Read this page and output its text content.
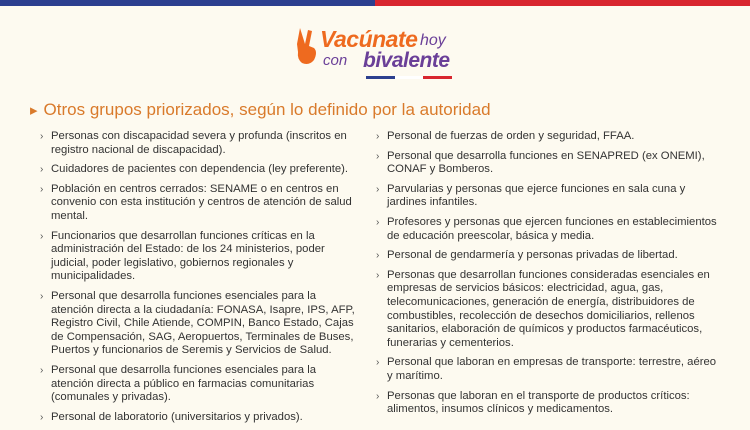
Vacúnate hoy
con bivalente
▸ Otros grupos priorizados, según lo definido por la autoridad
› Personas con discapacidad severa y profunda (inscritos en registro nacional de discapacidad).
› Cuidadores de pacientes con dependencia (ley preferente).
› Población en centros cerrados: SENAME o en centros en convenio con esta institución y centros de atención de salud mental.
› Funcionarios que desarrollan funciones críticas en la administración del Estado: de los 24 ministerios, poder judicial, poder legislativo, gobiernos regionales y municipalidades.
› Personal que desarrolla funciones esenciales para la atención directa a la ciudadanía: FONASA, Isapre, IPS, AFP, Registro Civil, Chile Atiende, COMPIN, Banco Estado, Cajas de Compensación, SAG, Aeropuertos, Terminales de Buses, Puertos y funcionarios de Seremis y Servicios de Salud.
› Personal que desarrolla funciones esenciales para la atención directa a público en farmacias comunitarias (comunales y privadas).
› Personal de laboratorio (universitarios y privados).
› Personal de fuerzas de orden y seguridad, FFAA.
› Personal que desarrolla funciones en SENAPRED (ex ONEMI), CONAF y Bomberos.
› Parvularias y personas que ejerce funciones en sala cuna y jardines infantiles.
› Profesores y personas que ejercen funciones en establecimientos de educación preescolar, básica y media.
› Personal de gendarmería y personas privadas de libertad.
› Personas que desarrollan funciones consideradas esenciales en empresas de servicios básicos: electricidad, agua, gas, telecomunicaciones, generación de energía, distribuidores de combustibles, recolección de desechos domiciliarios, rellenos sanitarios, elaboración de químicos y productos farmacéuticos, funerarias y cementerios.
› Personal que laboran en empresas de transporte: terrestre, aéreo y marítimo.
› Personas que laboran en el transporte de productos críticos: alimentos, insumos clínicos y medicamentos.
